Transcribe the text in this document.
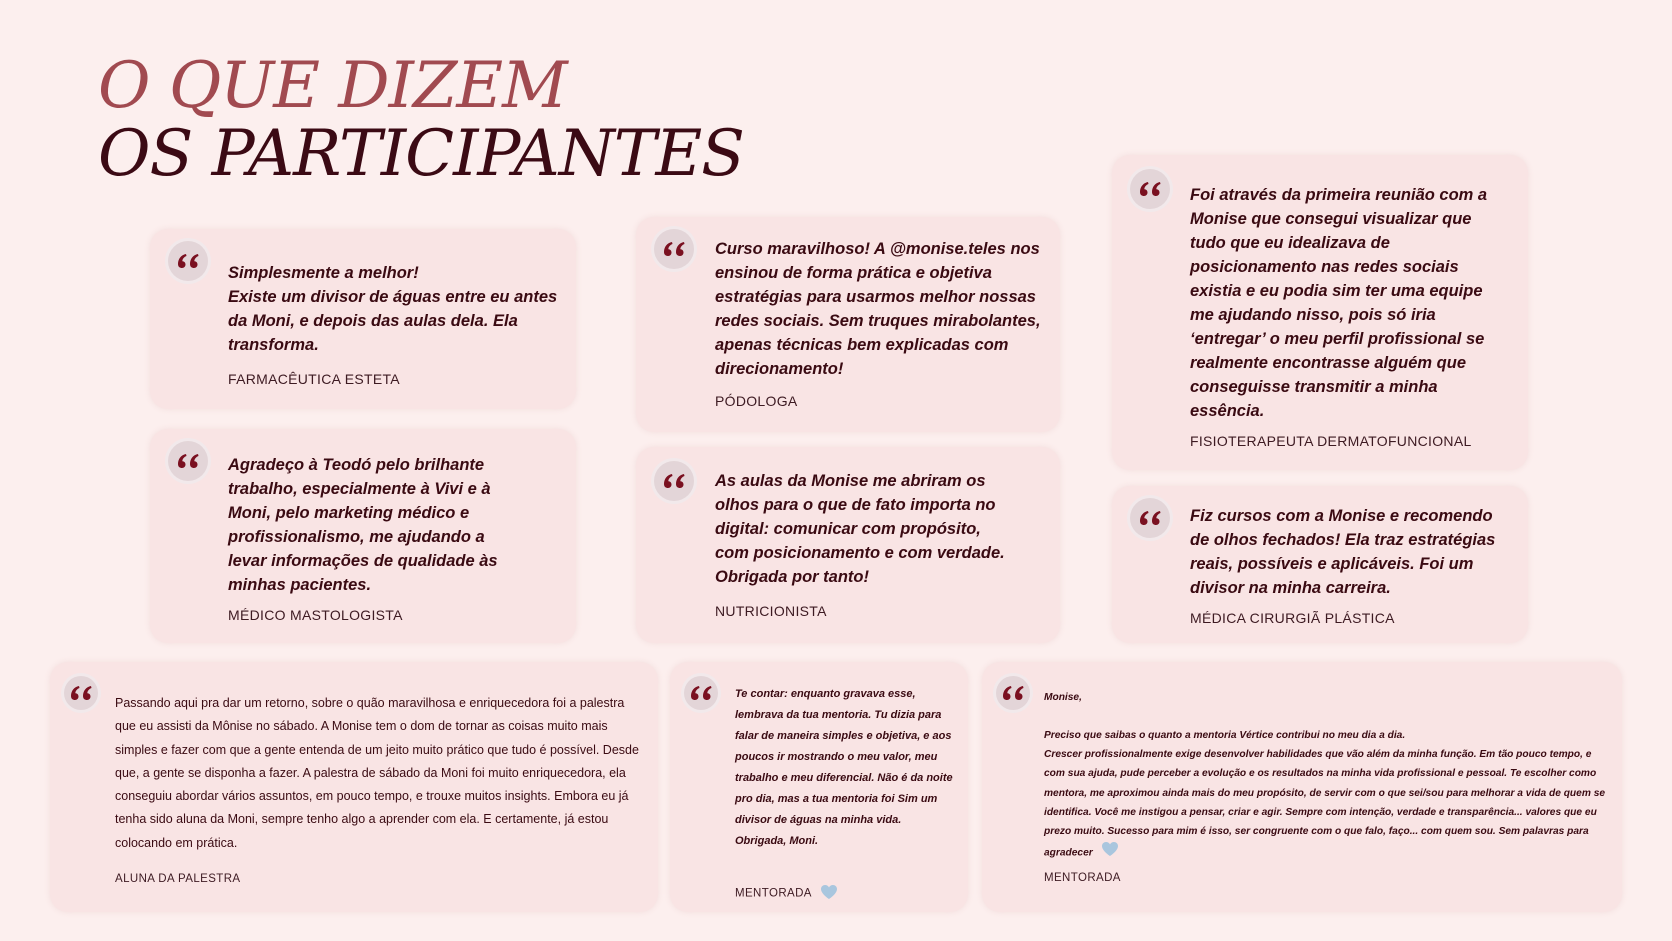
O QUE DIZEM
OS PARTICIPANTES
Simplesmente a melhor!
Existe um divisor de águas entre eu antes da Moni, e depois das aulas dela. Ela transforma.
FARMACÊUTICA ESTETA
Agradeço à Teodó pelo brilhante trabalho, especialmente à Vivi e à Moni, pelo marketing médico e profissionalismo, me ajudando a levar informações de qualidade às minhas pacientes.
MÉDICO MASTOLOGISTA
Curso maravilhoso! A @monise.teles nos ensinou de forma prática e objetiva estratégias para usarmos melhor nossas redes sociais. Sem truques mirabolantes, apenas técnicas bem explicadas com direcionamento!
PÓDOLOGA
As aulas da Monise me abriram os olhos para o que de fato importa no digital: comunicar com propósito, com posicionamento e com verdade. Obrigada por tanto!
NUTRICIONISTA
Foi através da primeira reunião com a Monise que consegui visualizar que tudo que eu idealizava de posicionamento nas redes sociais existia e eu podia sim ter uma equipe me ajudando nisso, pois só iria ‘entregar’ o meu perfil profissional se realmente encontrasse alguém que conseguisse transmitir a minha essência.
FISIOTERAPEUTA DERMATOFUNCIONAL
Fiz cursos com a Monise e recomendo de olhos fechados! Ela traz estratégias reais, possíveis e aplicáveis. Foi um divisor na minha carreira.
MÉDICA CIRURGIÃ PLÁSTICA
Passando aqui pra dar um retorno, sobre o quão maravilhosa e enriquecedora foi a palestra que eu assisti da Mônise no sábado. A Monise tem o dom de tornar as coisas muito mais simples e fazer com que a gente entenda de um jeito muito prático que tudo é possível. Desde que, a gente se disponha a fazer. A palestra de sábado da Moni foi muito enriquecedora, ela conseguiu abordar vários assuntos, em pouco tempo, e trouxe muitos insights. Embora eu já tenha sido aluna da Moni, sempre tenho algo a aprender com ela. E certamente, já estou colocando em prática.
ALUNA DA PALESTRA
Te contar: enquanto gravava esse, lembrava da tua mentoria. Tu dizia para falar de maneira simples e objetiva, e aos poucos ir mostrando o meu valor, meu trabalho e meu diferencial. Não é da noite pro dia, mas a tua mentoria foi Sim um divisor de águas na minha vida. Obrigada, Moni.
MENTORADA
Monise,
Preciso que saibas o quanto a mentoria Vértice contribui no meu dia a dia.
Crescer profissionalmente exige desenvolver habilidades que vão além da minha função. Em tão pouco tempo, e com sua ajuda, pude perceber a evolução e os resultados na minha vida profissional e pessoal. Te escolher como mentora, me aproximou ainda mais do meu propósito, de servir com o que sei/sou para melhorar a vida de quem se identifica. Você me instigou a pensar, criar e agir. Sempre com intenção, verdade e transparência... valores que eu prezo muito. Sucesso para mim é isso, ser congruente com o que falo, faço... com quem sou. Sem palavras para agradecer
MENTORADA
